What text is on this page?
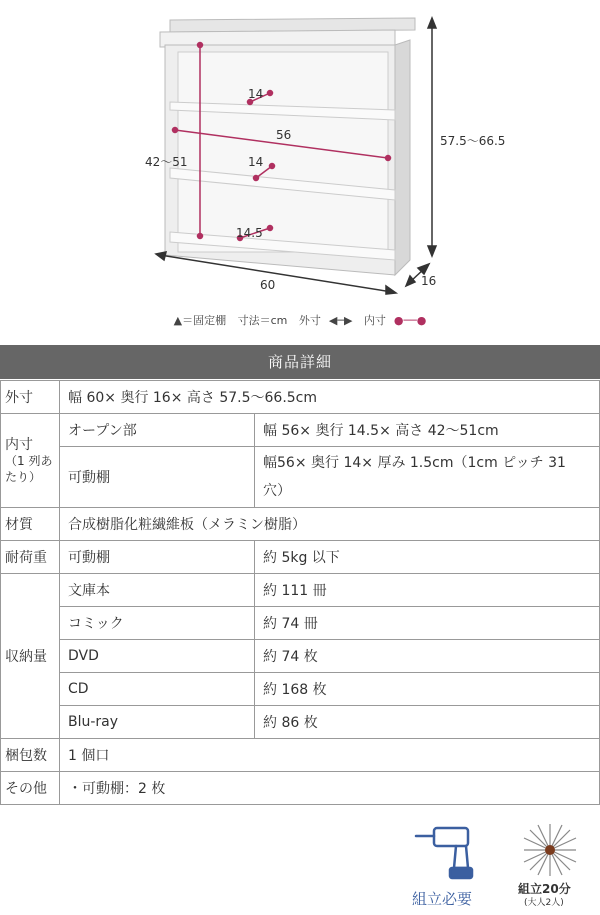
14
56
42～51	14
14.5
60
57.5～66.5
16
▲＝固定棚 寸法＝cm 外寸 ◀─▶ 内寸 ●──●
商品詳細
外寸	幅 60× 奥行 16× 高さ 57.5～66.5cm	
内寸
（1 列あたり）	オープン部	幅 56× 奥行 14.5× 高さ 42～51cm
	可動棚	幅56× 奥行 14× 厚み 1.5cm（1cm ピッチ 31 穴）
材質	合成樹脂化粧繊維板（メラミン樹脂）	
耐荷重	可動棚	約 5kg 以下
収納量	文庫本	約 111 冊
	コミック	約 74 冊
	DVD	約 74 枚
	CD	約 168 枚
	Blu-ray	約 86 枚
梱包数	1 個口	
その他	・可動棚：2 枚	
組立必要
組立20分
(大人2人)
